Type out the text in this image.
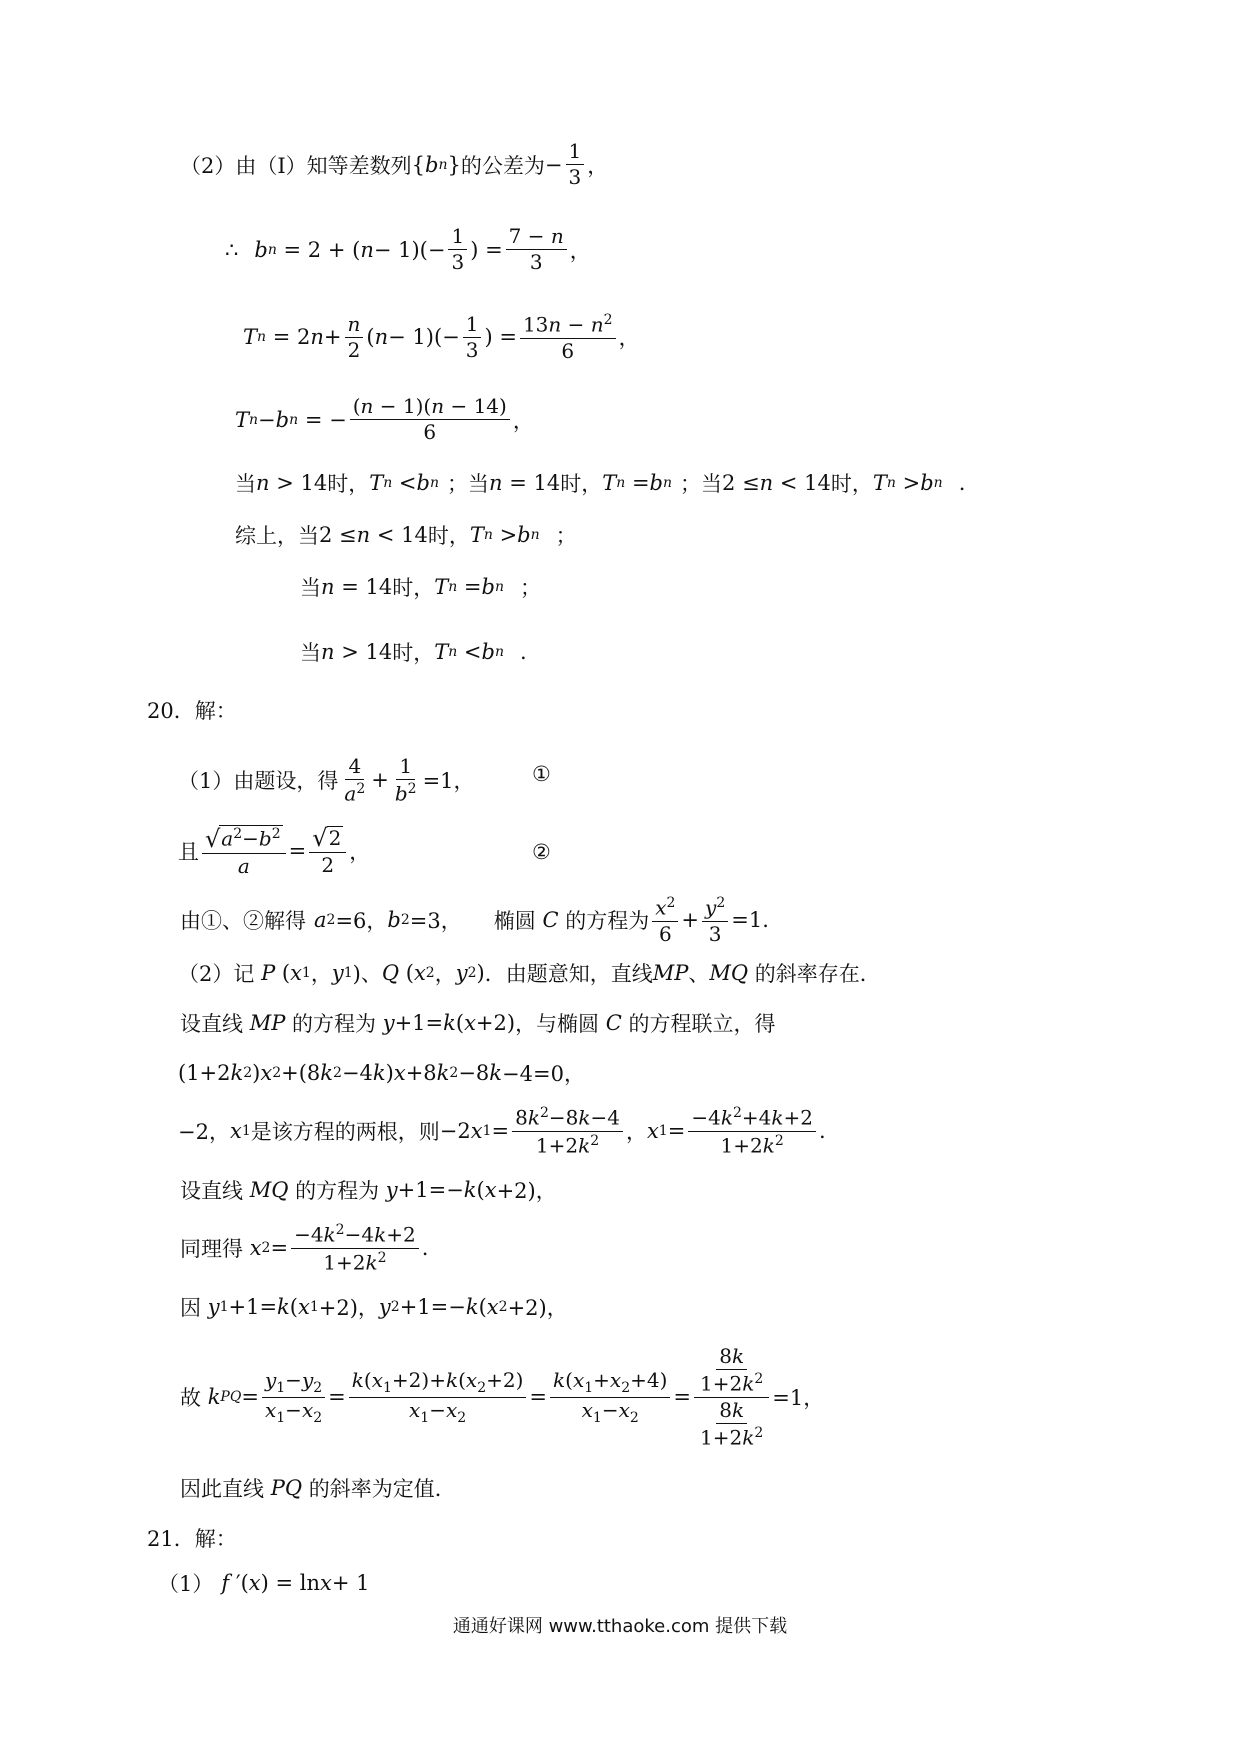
（2）由（I）知等差数列 { b n } 的公差为 − $\frac{1}{3}$ ，
∴ b n = 2 + ( $n - 1)(- \frac{1}{3}$ ) = $\frac{7 - n}{3}$ ，
T n = 2 $n + \frac{n}{2}$ ( $n - 1)(- \frac{1}{3}$ ) = $\frac{13n - n^2}{6}$ ，
T n − b n = − $\frac{(n - 1)(n - 14)}{6}$ ，
当 n > 14 时， T n < b n ；当 n = 14 时， T n = b n ；当 2 ≤ n < 14 时， T n > b n .
综上，当 2 ≤ n < 14 时， T n > b n ；
当 n = 14 时， T n = b n ；
当 n > 14 时， T n < b n .
20．解：
（1）由题设，得 $\frac{4}{a^2} + \frac{1}{b^2} =1$，	①
且 $\frac{√ a^2-b^2}{a} = \frac{√ 2}{2}$ ，	②
由①、②解得 a 2 =6， b 2 =3， 椭圆
C
的方程为 $\frac{x^2}{6} + \frac{y^2}{3} =1$.
（2）记
P ( x 1 ， y 1 )、 Q ( x 2 ， y 2 ) ．由题意知，直线 MP 、 MQ
的斜率存在．
设直线
MP
的方程为 y +1= k ( x +2) ，与椭圆
C
的方程联立，得
(1+2 k 2 ) x 2 +(8 k 2 −4 k ) x +8 k 2 −8 k −4=0，
−2， x 1 是该方程的两根，则 −2 x $1 = \frac{8k^2-8k-4}{1+2k^2}$ ， x $1 = \frac{-4k^2+4k+2}{1+2k^2}$ .
设直线
MQ
的方程为 y +1=− k ( x +2)，
同理得
x $2 = \frac{-4k^2-4k+2}{1+2k^2}$ .
因
y 1 +1= k ( x 1 +2)， y 2 +1=− k ( x 2 +2)，
故
k PQ = $\frac{y_1-y_2}{x_1-x_2} = \frac{k(x_1+2)+k(x_2+2)}{x_1-x_2} = \frac{k(x_1+x_2+4)}{x_1-x_2} = \frac{\frac{8k}{1+2k^2}}{\frac{8k}{1+2k^2}} =1$，
因此直线
PQ
的斜率为定值．
21．解：
（1） f ′( x ) = ln x + 1
通通好课网 www.tthaoke.com 提供下载
